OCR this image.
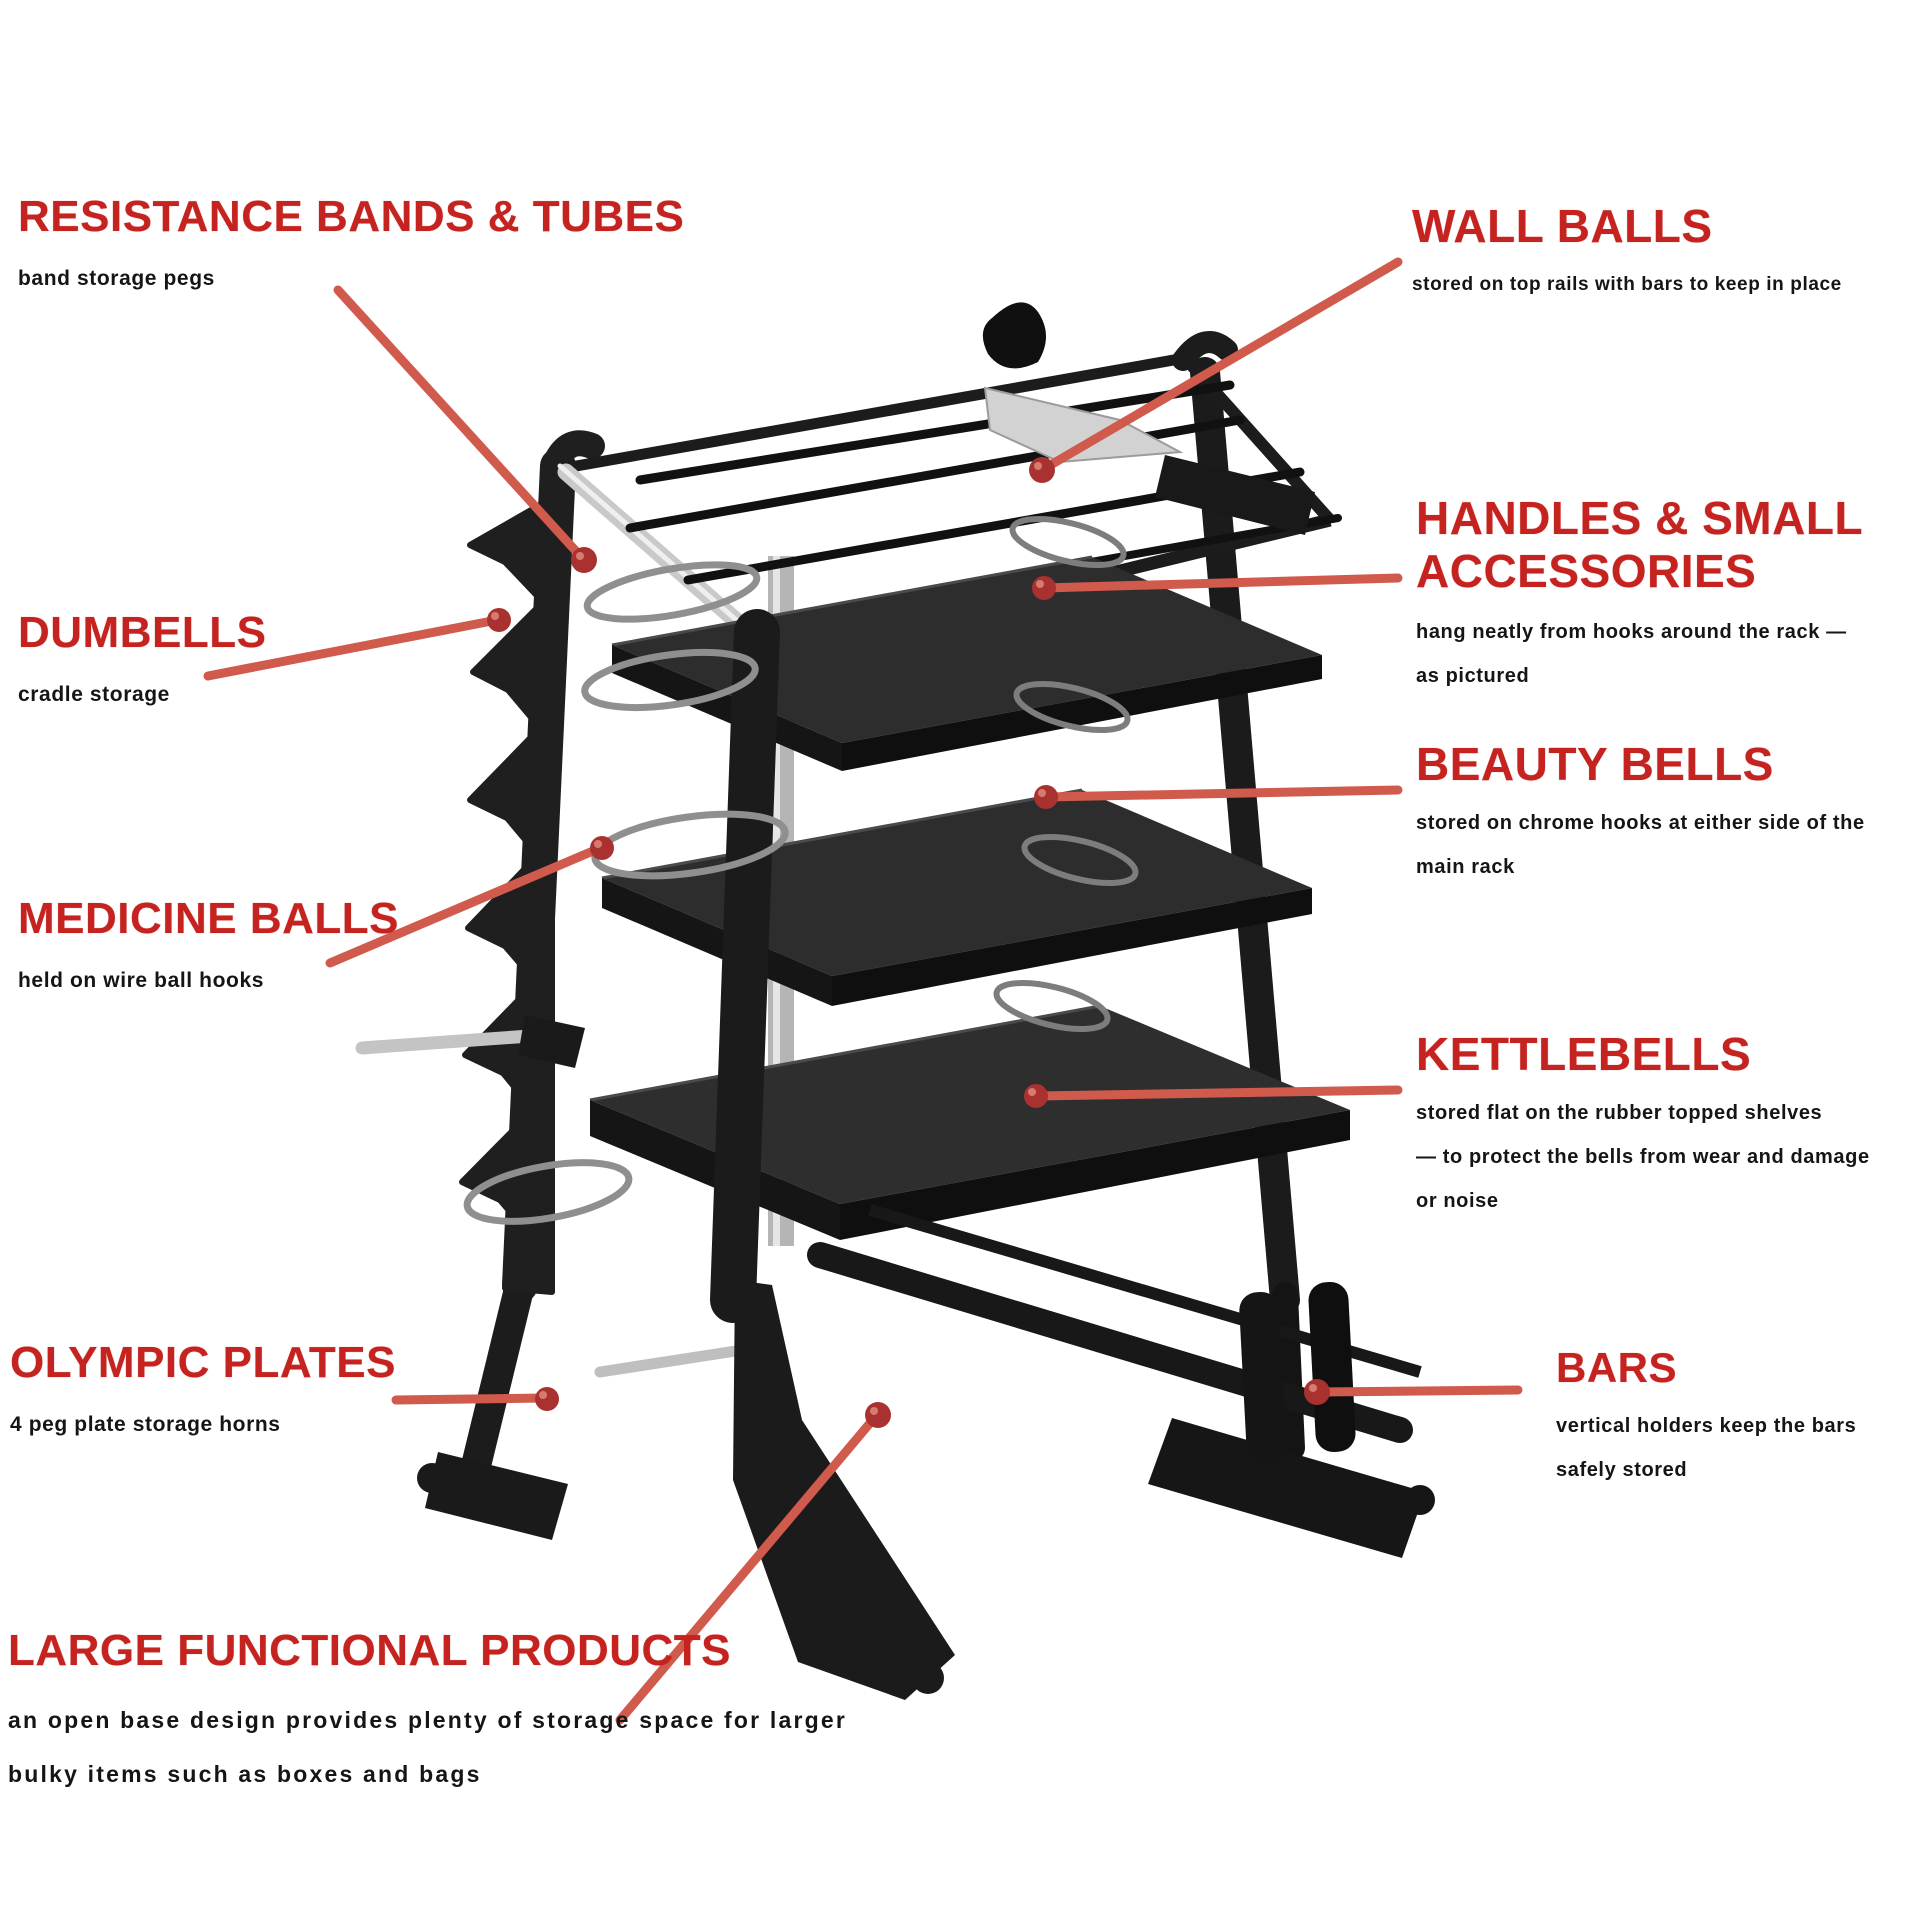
RESISTANCE BANDS & TUBES
band storage pegs
DUMBELLS
cradle storage
MEDICINE BALLS
held on wire ball hooks
OLYMPIC PLATES
4 peg plate storage horns
LARGE FUNCTIONAL PRODUCTS
an open base design provides plenty of storage space for larger
bulky items such as boxes and bags
WALL BALLS
stored on top rails with bars to keep in place
HANDLES & SMALL ACCESSORIES
hang neatly from hooks around the rack —
as pictured
BEAUTY BELLS
stored on chrome hooks at either side of the
main rack
KETTLEBELLS
stored flat on the rubber topped shelves
— to protect the bells from wear and damage
or noise
BARS
vertical holders keep the bars
safely stored
